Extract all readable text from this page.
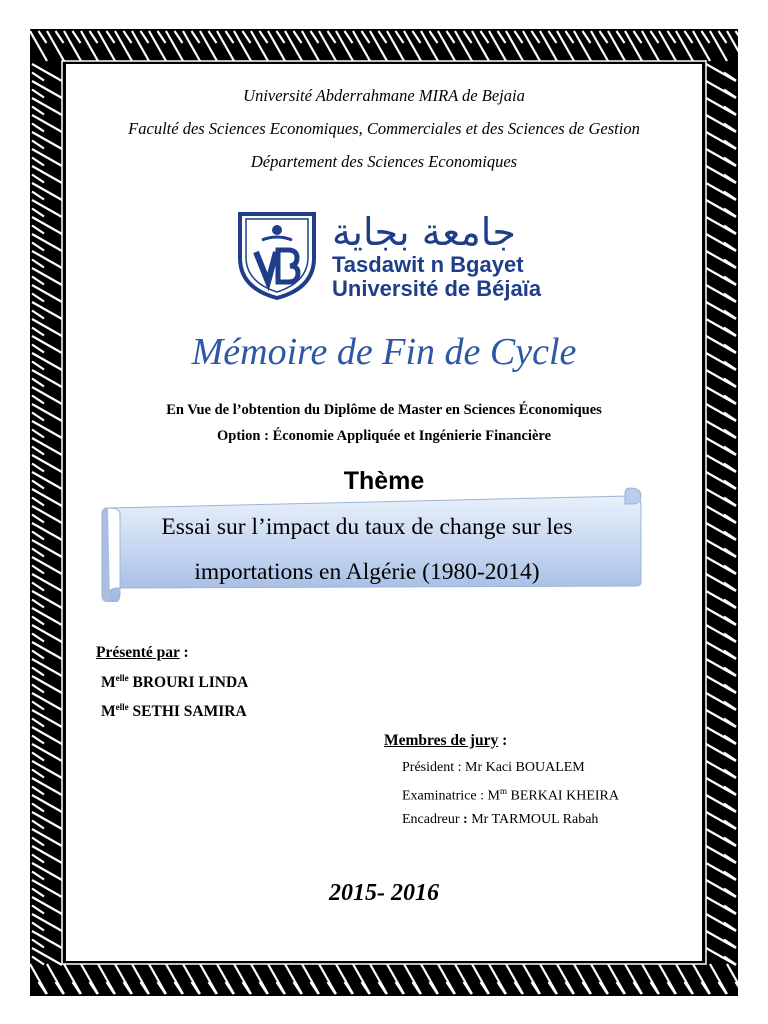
Université Abderrahmane MIRA de Bejaia
Faculté des Sciences Economiques, Commerciales et des Sciences de Gestion
Département des Sciences Economiques
جامعة بجاية
Tasdawit n Bgayet
Université de Béjaïa
Mémoire de Fin de Cycle
En Vue de l’obtention du Diplôme de Master en Sciences Économiques
Option : Économie Appliquée et Ingénierie Financière
Thème
Essai sur l’impact du taux de change sur les
importations en Algérie (1980-2014)
Présenté par :
$M^{elle}$ BROURI LINDA
$M^{elle}$ SETHI SAMIRA
Membres de jury :
Président : Mr Kaci BOUALEM
Examinatrice : $M^m$ BERKAI KHEIRA
Encadreur : Mr TARMOUL Rabah
2015- 2016
